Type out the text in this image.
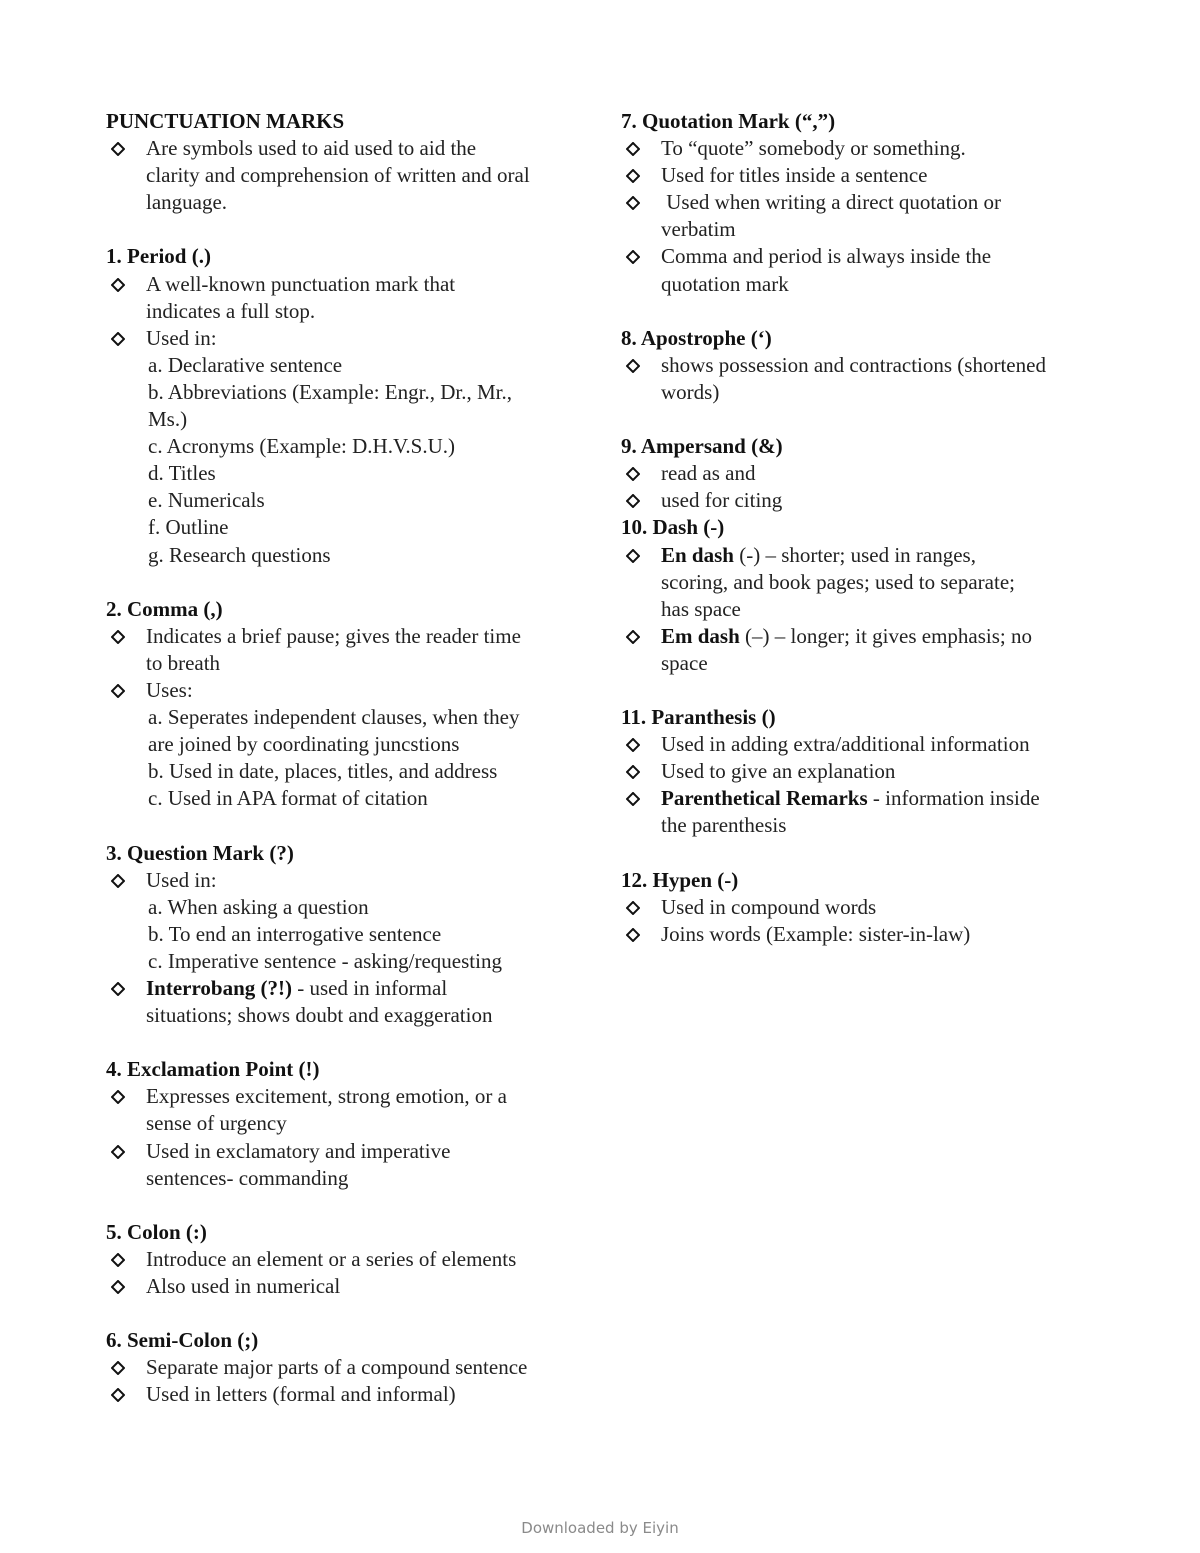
PUNCTUATION MARKS
Are symbols used to aid used to aid the
clarity and comprehension of written and oral
language.
1. Period (.)
A well-known punctuation mark that
indicates a full stop.
Used in:
a. Declarative sentence
b. Abbreviations (Example: Engr., Dr., Mr.,
Ms.)
c. Acronyms (Example: D.H.V.S.U.)
d. Titles
e. Numericals
f. Outline
g. Research questions
2. Comma (,)
Indicates a brief pause; gives the reader time
to breath
Uses:
a. Seperates independent clauses, when they
are joined by coordinating juncstions
b. Used in date, places, titles, and address
c. Used in APA format of citation
3. Question Mark (?)
Used in:
a. When asking a question
b. To end an interrogative sentence
c. Imperative sentence - asking/requesting
Interrobang (?!) - used in informal
situations; shows doubt and exaggeration
4. Exclamation Point (!)
Expresses excitement, strong emotion, or a
sense of urgency
Used in exclamatory and imperative
sentences- commanding
5. Colon (:)
Introduce an element or a series of elements
Also used in numerical
6. Semi-Colon (;)
Separate major parts of a compound sentence
Used in letters (formal and informal)
7. Quotation Mark (“,”)
To “quote” somebody or something.
Used for titles inside a sentence
Used when writing a direct quotation or
verbatim
Comma and period is always inside the
quotation mark
8. Apostrophe (‘)
shows possession and contractions (shortened
words)
9. Ampersand (&)
read as and
used for citing
10. Dash (-)
En dash (-) – shorter; used in ranges,
scoring, and book pages; used to separate;
has space
Em dash (–) – longer; it gives emphasis; no
space
11. Paranthesis ()
Used in adding extra/additional information
Used to give an explanation
Parenthetical Remarks - information inside
the parenthesis
12. Hypen (-)
Used in compound words
Joins words (Example: sister-in-law)
Downloaded by Eiyin
